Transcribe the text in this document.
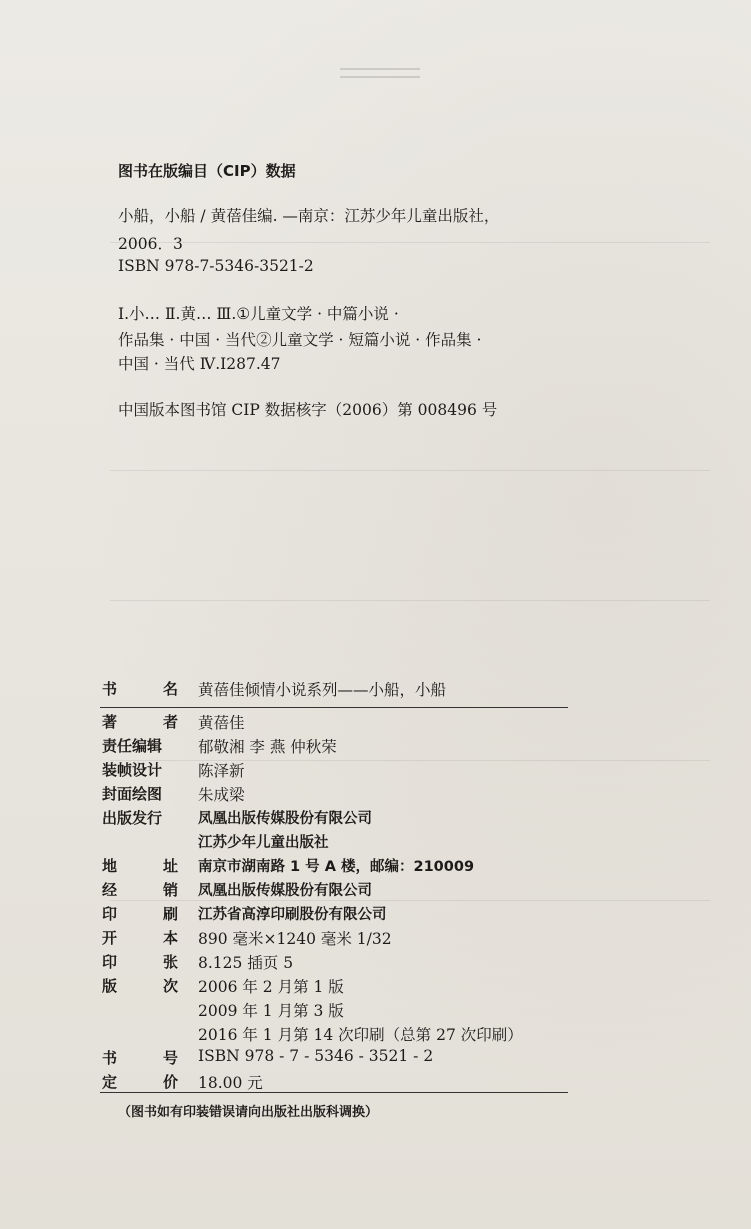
图书在版编目（CIP）数据
小船，小船 / 黄蓓佳编. —南京：江苏少年儿童出版社，
2006．3
ISBN 978-7-5346-3521-2
Ⅰ.小… Ⅱ.黄… Ⅲ.①儿童文学 · 中篇小说 ·
作品集 · 中国 · 当代②儿童文学 · 短篇小说 · 作品集 ·
中国 · 当代 Ⅳ.I287.47
中国版本图书馆 CIP 数据核字（2006）第 008496 号
书	名 黄蓓佳倾情小说系列——小船，小船
著	者 黄蓓佳
责任编辑	郁敬湘 李 燕 仲秋荣
装帧设计	陈泽新
封面绘图	朱成梁
出版发行	凤凰出版传媒股份有限公司
江苏少年儿童出版社
地	址 南京市湖南路 1 号 A 楼，邮编：210009
经	销 凤凰出版传媒股份有限公司
印	刷 江苏省高淳印刷股份有限公司
开	本 890 毫米×1240 毫米 1/32
印	张 8.125 插页 5
版	次 2006 年 2 月第 1 版
2009 年 1 月第 3 版
2016 年 1 月第 14 次印刷（总第 27 次印刷）
书	号 ISBN 978 - 7 - 5346 - 3521 - 2
定	价 18.00 元
（图书如有印装错误请向出版社出版科调换）
